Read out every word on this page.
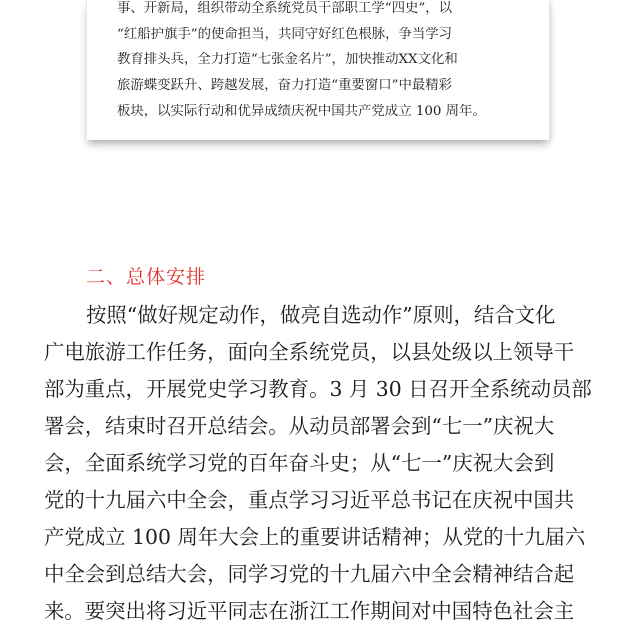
事、开新局，组织带动全系统党员干部职工学“四史”，以
“红船护旗手”的使命担当，共同守好红色根脉，争当学习
教育排头兵，全力打造“七张金名片”，加快推动XX文化和
旅游蝶变跃升、跨越发展，奋力打造“重要窗口”中最精彩
板块，以实际行动和优异成绩庆祝中国共产党成立 100 周年。
二、总体安排
按照“做好规定动作，做亮自选动作”原则，结合文化
广电旅游工作任务，面向全系统党员，以县处级以上领导干
部为重点，开展党史学习教育。3 月 30 日召开全系统动员部
署会，结束时召开总结会。从动员部署会到“七一”庆祝大
会，全面系统学习党的百年奋斗史；从“七一”庆祝大会到
党的十九届六中全会，重点学习习近平总书记在庆祝中国共
产党成立 100 周年大会上的重要讲话精神；从党的十九届六
中全会到总结大会，同学习党的十九届六中全会精神结合起
来。要突出将习近平同志在浙江工作期间对中国特色社会主
